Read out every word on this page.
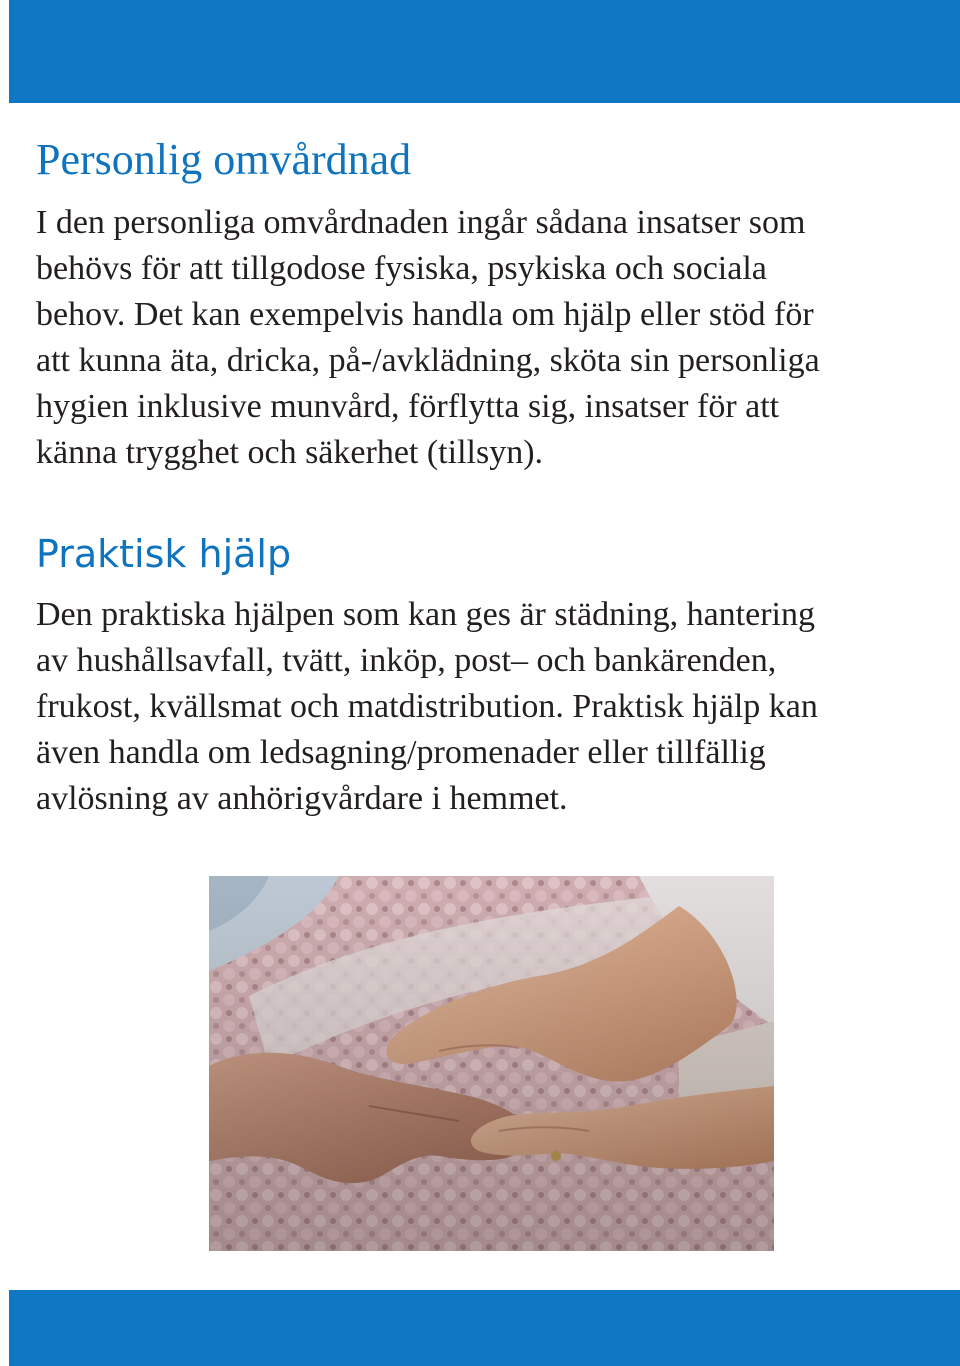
Personlig omvårdnad

I den personliga omvårdnaden ingår sådana insatser som
behövs för att tillgodose fysiska, psykiska och sociala
behov. Det kan exempelvis handla om hjälp eller stöd för
att kunna äta, dricka, på-/avklädning, sköta sin personliga
hygien inklusive munvård, förflytta sig, insatser för att
känna trygghet och säkerhet (tillsyn).

Praktisk hjälp

Den praktiska hjälpen som kan ges är städning, hantering
av hushållsavfall, tvätt, inköp, post– och bankärenden,
frukost, kvällsmat och matdistribution. Praktisk hjälp kan
även handla om ledsagning/promenader eller tillfällig
avlösning av anhörigvårdare i hemmet.
